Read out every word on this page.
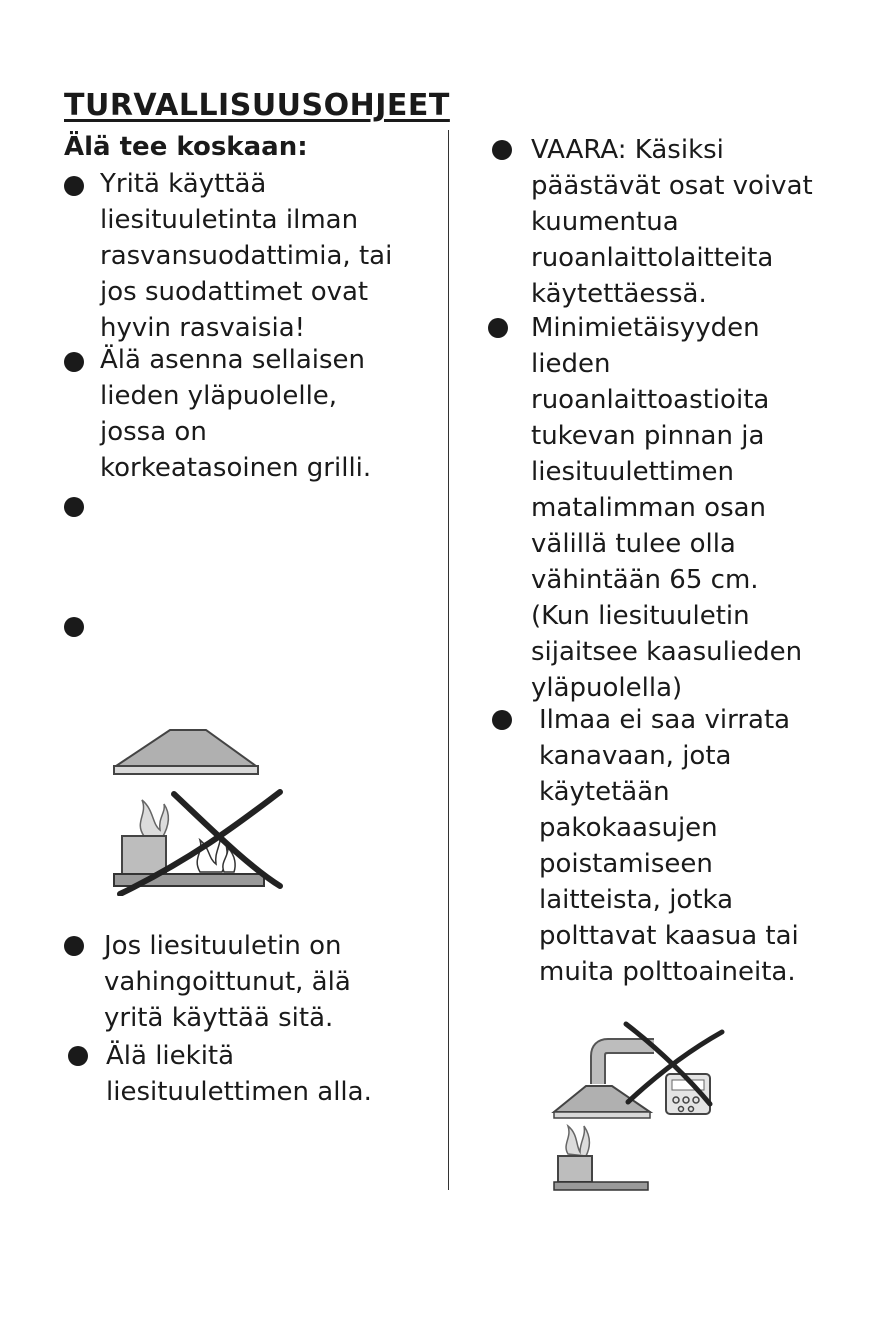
TURVALLISUUSOHJEET
Älä tee koskaan:

Yritä käyttää
liesituuletinta ilman
rasvansuodattimia, tai
jos suodattimet ovat
hyvin rasvaisia!

Älä asenna sellaisen
lieden yläpuolelle,
jossa on
korkeatasoinen grilli.

Jos liesituuletin on
vahingoittunut, älä
yritä käyttää sitä.

Älä liekitä
liesituulettimen alla.

VAARA: Käsiksi
päästävät osat voivat
kuumentua
ruoanlaittolaitteita
käytettäessä.

Minimietäisyyden
lieden
ruoanlaittoastioita
tukevan pinnan ja
liesituulettimen
matalimman osan
välillä tulee olla
vähintään 65 cm.
(Kun liesituuletin
sijaitsee kaasulieden
yläpuolella)

Ilmaa ei saa virrata
kanavaan, jota
käytetään
pakokaasujen
poistamiseen
laitteista, jotka
polttavat kaasua tai
muita polttoaineita.
